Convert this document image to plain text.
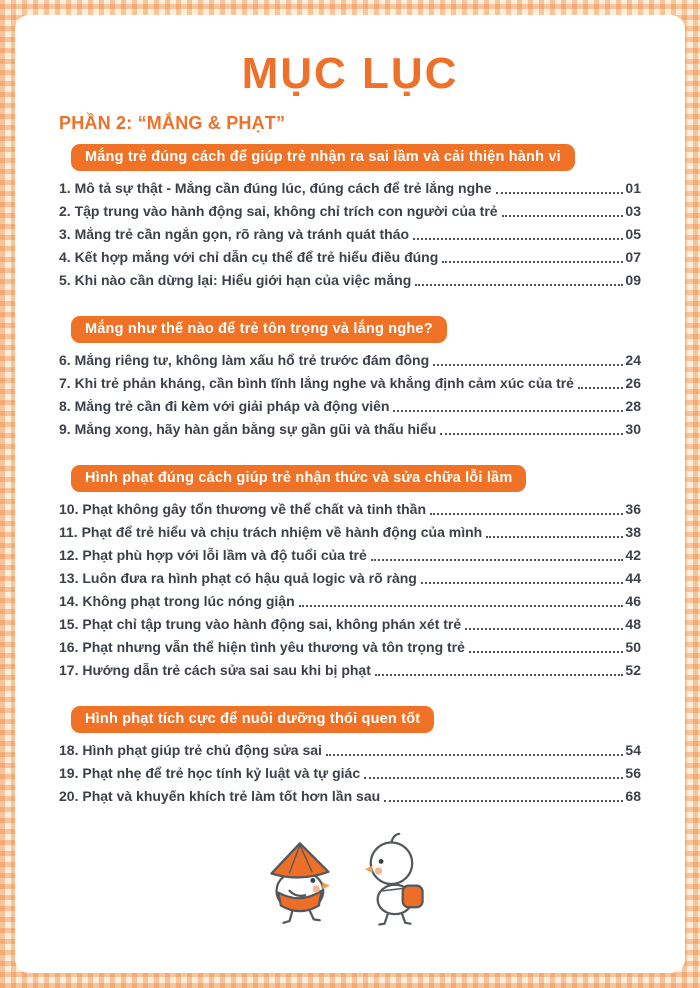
MỤC LỤC
PHẦN 2: “MẮNG & PHẠT”
Mắng trẻ đúng cách để giúp trẻ nhận ra sai lầm và cải thiện hành vi
1. Mô tả sự thật - Mắng cần đúng lúc, đúng cách để trẻ lắng nghe	01
2. Tập trung vào hành động sai, không chỉ trích con người của trẻ	03
3. Mắng trẻ cần ngắn gọn, rõ ràng và tránh quát tháo	05
4. Kết hợp mắng với chỉ dẫn cụ thể để trẻ hiểu điều đúng	07
5. Khi nào cần dừng lại: Hiểu giới hạn của việc mắng	09
Mắng như thế nào để trẻ tôn trọng và lắng nghe?
6. Mắng riêng tư, không làm xấu hổ trẻ trước đám đông	24
7. Khi trẻ phản kháng, cần bình tĩnh lắng nghe và khẳng định cảm xúc của trẻ	26
8. Mắng trẻ cần đi kèm với giải pháp và động viên	28
9. Mắng xong, hãy hàn gắn bằng sự gần gũi và thấu hiểu	30
Hình phạt đúng cách giúp trẻ nhận thức và sửa chữa lỗi lầm
10. Phạt không gây tổn thương về thể chất và tinh thần	36
11. Phạt để trẻ hiểu và chịu trách nhiệm về hành động của mình	38
12. Phạt phù hợp với lỗi lầm và độ tuổi của trẻ	42
13. Luôn đưa ra hình phạt có hậu quả logic và rõ ràng	44
14. Không phạt trong lúc nóng giận	46
15. Phạt chỉ tập trung vào hành động sai, không phán xét trẻ	48
16. Phạt nhưng vẫn thể hiện tình yêu thương và tôn trọng trẻ	50
17. Hướng dẫn trẻ cách sửa sai sau khi bị phạt	52
Hình phạt tích cực để nuôi dưỡng thói quen tốt
18. Hình phạt giúp trẻ chủ động sửa sai	54
19. Phạt nhẹ để trẻ học tính kỷ luật và tự giác	56
20. Phạt và khuyến khích trẻ làm tốt hơn lần sau	68
